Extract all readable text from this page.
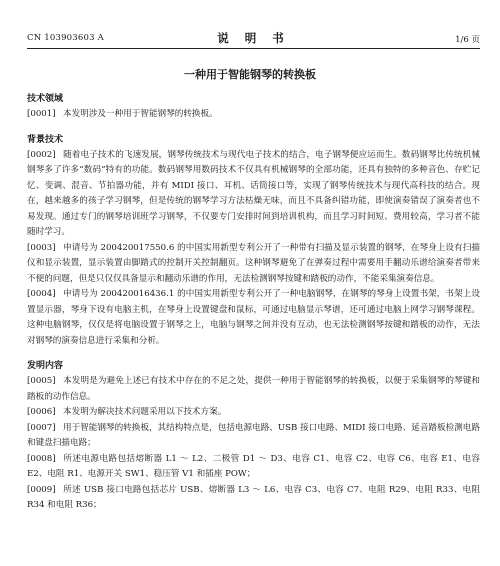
CN 103903603 A	说 明 书	1/6 页
一种用于智能钢琴的转换板

技术领域

[0001] 本发明涉及一种用于智能钢琴的转换板。

背景技术

[0002] 随着电子技术的飞速发展，钢琴传统技术与现代电子技术的结合，电子钢琴便应运而生。数码钢琴比传统机械钢琴多了许多“数码”特有的功能。数码钢琴用数码技术不仅具有机械钢琴的全部功能，还具有独特的多种音色、存贮记忆、变调、混音、节拍器功能，并有 MIDI 接口、耳机、话筒接口等，实现了钢琴传统技术与现代高科技的结合。现在，越来越多的孩子学习钢琴，但是传统的钢琴学习方法枯燥无味，而且不具备纠错功能，即使演奏错误了演奏者也不易发现。通过专门的钢琴培训班学习钢琴，不仅要专门安排时间到培训机构，而且学习时间短、费用较高，学习者不能随时学习。

[0003] 申请号为 200420017550.6 的中国实用新型专利公开了一种带有扫描及显示装置的钢琴，在琴身上设有扫描仪和显示装置，显示装置由脚踏式的控制开关控制翻页。这种钢琴避免了在弹奏过程中需要用手翻动乐谱给演奏者带来不便的问题，但是只仅仅具备显示和翻动乐谱的作用，无法检测钢琴按键和踏板的动作，不能采集演奏信息。

[0004] 申请号为 200420016436.1 的中国实用新型专利公开了一种电脑钢琴，在钢琴的琴身上设置书架，书架上设置显示器，琴身下设有电脑主机，在琴身上设置键盘和鼠标，可通过电脑显示琴谱，还可通过电脑上网学习钢琴课程。这种电脑钢琴，仅仅是将电脑设置于钢琴之上，电脑与钢琴之间并没有互动，也无法检测钢琴按键和踏板的动作，无法对钢琴的演奏信息进行采集和分析。

发明内容

[0005] 本发明是为避免上述已有技术中存在的不足之处，提供一种用于智能钢琴的转换板，以便于采集钢琴的琴键和踏板的动作信息。

[0006] 本发明为解决技术问题采用以下技术方案。

[0007] 用于智能钢琴的转换板，其结构特点是，包括电源电路、USB 接口电路、MIDI 接口电路、延音踏板检测电路和键盘扫描电路；

[0008] 所述电源电路包括熔断器 L1 ～ L2、二极管 D1 ～ D3、电容 C1、电容 C2、电容 C6、电容 E1、电容 E2、电阻 R1、电源开关 SW1、稳压管 V1 和插座 POW；

[0009] 所述 USB 接口电路包括芯片 USB、熔断器 L3 ～ L6、电容 C3、电容 C7、电阻 R29、电阻 R33、电阻 R34 和电阻 R36；
